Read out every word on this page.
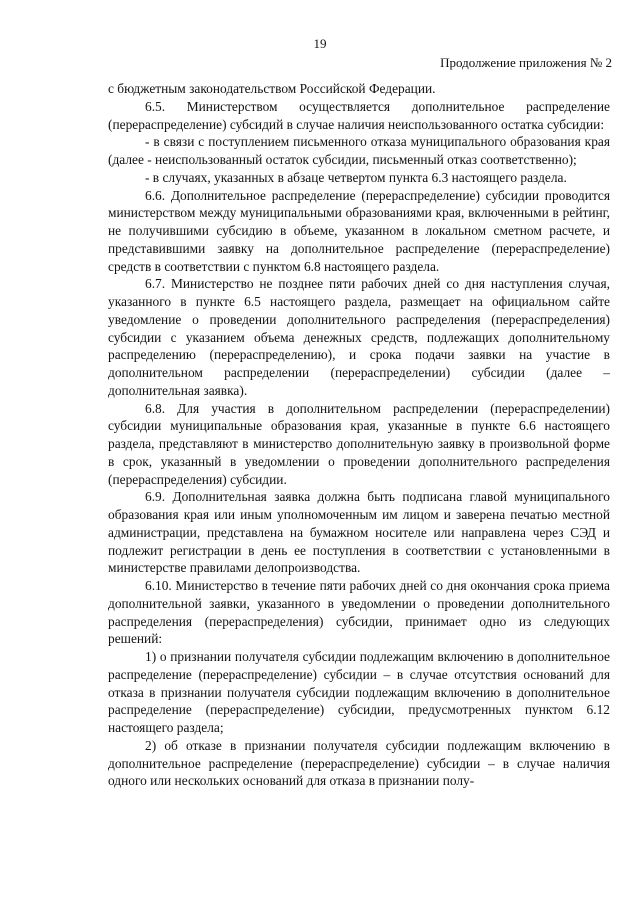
19
Продолжение приложения № 2

с бюджетным законодательством Российской Федерации.

6.5. Министерством осуществляется дополнительное распределение (перераспределение) субсидий в случае наличия неиспользованного остатка субсидии:

- в связи с поступлением письменного отказа муниципального образования края (далее - неиспользованный остаток субсидии, письменный отказ соответственно);

- в случаях, указанных в абзаце четвертом пункта 6.3 настоящего раздела.

6.6. Дополнительное распределение (перераспределение) субсидии проводится министерством между муниципальными образованиями края, включенными в рейтинг, не получившими субсидию в объеме, указанном в локальном сметном расчете, и представившими заявку на дополнительное распределение (перераспределение) средств в соответствии с пунктом 6.8 настоящего раздела.

6.7. Министерство не позднее пяти рабочих дней со дня наступления случая, указанного в пункте 6.5 настоящего раздела, размещает на официальном сайте уведомление о проведении дополнительного распределения (перераспределения) субсидии с указанием объема денежных средств, подлежащих дополнительному распределению (перераспределению), и срока подачи заявки на участие в дополнительном распределении (перераспределении) субсидии (далее – дополнительная заявка).

6.8. Для участия в дополнительном распределении (перераспределении) субсидии муниципальные образования края, указанные в пункте 6.6 настоящего раздела, представляют в министерство дополнительную заявку в произвольной форме в срок, указанный в уведомлении о проведении дополнительного распределения (перераспределения) субсидии.

6.9. Дополнительная заявка должна быть подписана главой муниципального образования края или иным уполномоченным им лицом и заверена печатью местной администрации, представлена на бумажном носителе или направлена через СЭД и подлежит регистрации в день ее поступления в соответствии с установленными в министерстве правилами делопроизводства.

6.10. Министерство в течение пяти рабочих дней со дня окончания срока приема дополнительной заявки, указанного в уведомлении о проведении дополнительного распределения (перераспределения) субсидии, принимает одно из следующих решений:

1) о признании получателя субсидии подлежащим включению в дополнительное распределение (перераспределение) субсидии – в случае отсутствия оснований для отказа в признании получателя субсидии подлежащим включению в дополнительное распределение (перераспределение) субсидии, предусмотренных пунктом 6.12 настоящего раздела;

2) об отказе в признании получателя субсидии подлежащим включению в дополнительное распределение (перераспределение) субсидии – в случае наличия одного или нескольких оснований для отказа в признании полу-
